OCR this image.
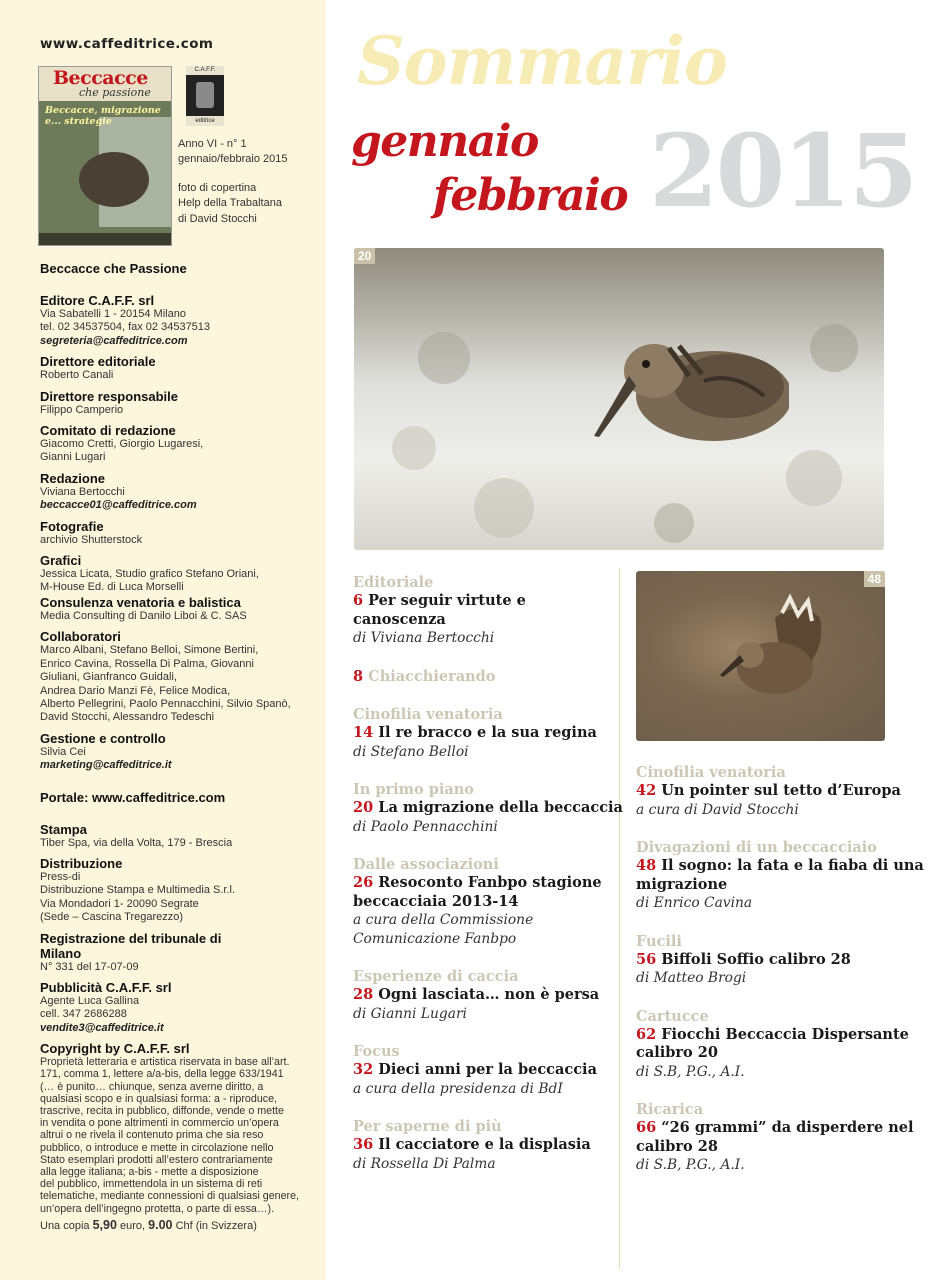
www.caffeditrice.com
Beccacce
che passione
Beccacce, migrazione e... strategie
C.A.F.F.
editrice
Anno VI - n° 1
gennaio/febbraio 2015
foto di copertina
Help della Trabaltana
di David Stocchi
Beccacce che Passione
Editore C.A.F.F. srl
Via Sabatelli 1 - 20154 Milano
tel. 02 34537504, fax 02 34537513
segreteria@caffeditrice.com
Direttore editoriale
Roberto Canali
Direttore responsabile
Filippo Camperio
Comitato di redazione
Giacomo Cretti, Giorgio Lugaresi,
Gianni Lugari
Redazione
Viviana Bertocchi
beccacce01@caffeditrice.com
Fotografie
archivio Shutterstock
Grafici
Jessica Licata, Studio grafico Stefano Oriani,
M-House Ed. di Luca Morselli
Consulenza venatoria e balistica
Media Consulting di Danilo Liboi & C. SAS
Collaboratori
Marco Albani, Stefano Belloi, Simone Bertini,
Enrico Cavina, Rossella Di Palma, Giovanni
Giuliani, Gianfranco Guidali,
Andrea Dario Manzi Fè, Felice Modica,
Alberto Pellegrini, Paolo Pennacchini, Silvio Spanò,
David Stocchi, Alessandro Tedeschi
Gestione e controllo
Silvia Cei
marketing@caffeditrice.it
Portale: www.caffeditrice.com
Stampa
Tiber Spa, via della Volta, 179 - Brescia
Distribuzione
Press-di
Distribuzione Stampa e Multimedia S.r.l.
Via Mondadori 1- 20090 Segrate
(Sede – Cascina Tregarezzo)
Registrazione del tribunale di Milano
N° 331 del 17-07-09
Pubblicità C.A.F.F. srl
Agente Luca Gallina
cell. 347 2686288
vendite3@caffeditrice.it
Copyright by C.A.F.F. srl
Proprietà letteraria e artistica riservata in base all’art.
171, comma 1, lettere a/a-bis, della legge 633/1941
(… è punito… chiunque, senza averne diritto, a
qualsiasi scopo e in qualsiasi forma: a - riproduce,
trascrive, recita in pubblico, diffonde, vende o mette
in vendita o pone altrimenti in commercio un’opera
altrui o ne rivela il contenuto prima che sia reso
pubblico, o introduce e mette in circolazione nello
Stato esemplari prodotti all’estero contrariamente
alla legge italiana; a-bis - mette a disposizione
del pubblico, immettendola in un sistema di reti
telematiche, mediante connessioni di qualsiasi genere,
un’opera dell’ingegno protetta, o parte di essa…).
Una copia 5,90 euro, 9.00 Chf (in Svizzera)
Sommario
2015
gennaio
febbraio
20
48
Editoriale
6 Per seguir virtute e canoscenza
di Viviana Bertocchi
8 Chiacchierando
Cinofilia venatoria
14 Il re bracco e la sua regina
di Stefano Belloi
In primo piano
20 La migrazione della beccaccia
di Paolo Pennacchini
Dalle associazioni
26 Resoconto Fanbpo stagione beccacciaia 2013-14
a cura della Commissione Comunicazione Fanbpo
Esperienze di caccia
28 Ogni lasciata… non è persa
di Gianni Lugari
Focus
32 Dieci anni per la beccaccia
a cura della presidenza di BdI
Per saperne di più
36 Il cacciatore e la displasia
di Rossella Di Palma
Cinofilia venatoria
42 Un pointer sul tetto d’Europa
a cura di David Stocchi
Divagazioni di un beccacciaio
48 Il sogno: la fata e la fiaba di una migrazione
di Enrico Cavina
Fucili
56 Biffoli Soffio calibro 28
di Matteo Brogi
Cartucce
62 Fiocchi Beccaccia Dispersante calibro 20
di S.B, P.G., A.I.
Ricarica
66 “26 grammi” da disperdere nel calibro 28
di S.B, P.G., A.I.
